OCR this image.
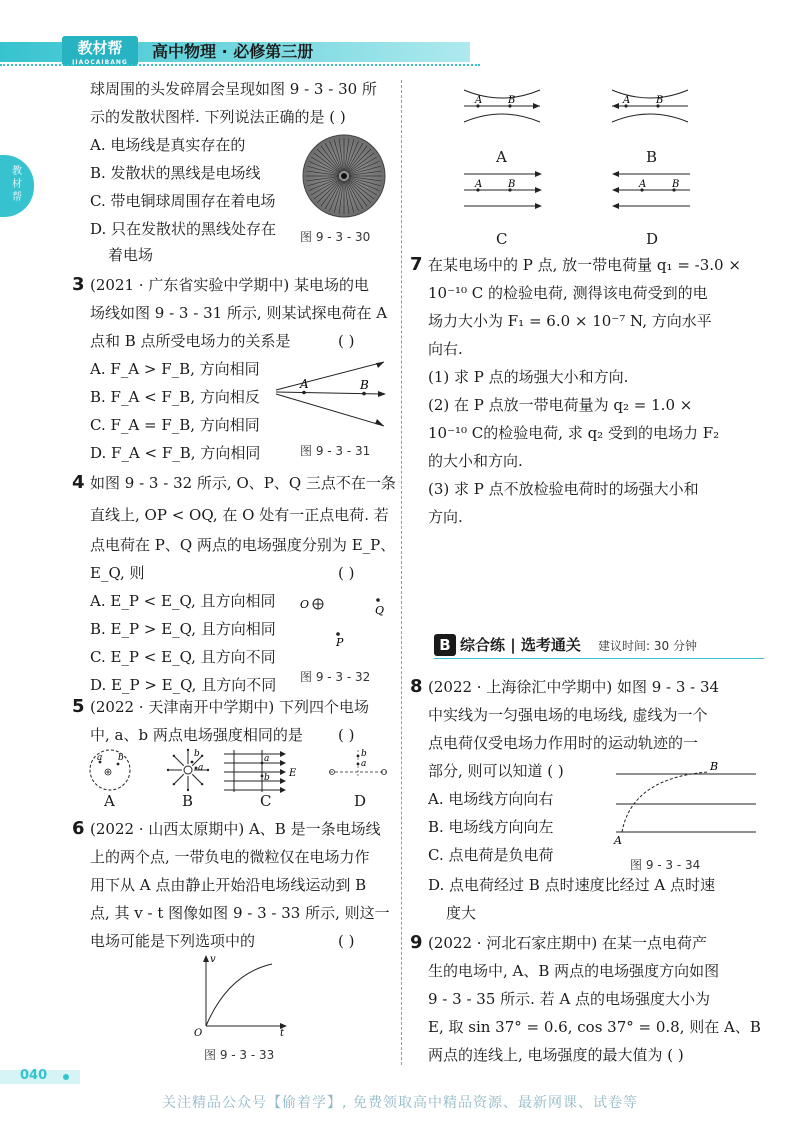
教材帮
JIAOCAIBANG
高中物理 · 必修第三册
教材帮
球周围的头发碎屑会呈现如图 9 - 3 - 30 所
示的发散状图样. 下列说法正确的是 ( )
A. 电场线是真实存在的
B. 发散状的黑线是电场线
C. 带电铜球周围存在着电场
D. 只在发散状的黑线处存在
着电场
图 9 - 3 - 30
3 (2021 · 广东省实验中学期中) 某电场的电
场线如图 9 - 3 - 31 所示, 则某试探电荷在 A
点和 B 点所受电场力的关系是	( )
A. F_A > F_B, 方向相同
B. F_A < F_B, 方向相反
C. F_A = F_B, 方向相同
D. F_A < F_B, 方向相同
A	B
图 9 - 3 - 31
4 如图 9 - 3 - 32 所示, O、P、Q 三点不在一条
直线上, OP < OQ, 在 O 处有一正点电荷. 若
点电荷在 P、Q 两点的电场强度分别为 E_P、
E_Q, 则	( )
A. E_P < E_Q, 且方向相同
B. E_P > E_Q, 且方向相同
C. E_P < E_Q, 且方向不同
D. E_P > E_Q, 且方向不同
O
P
Q
图 9 - 3 - 32
5 (2022 · 天津南开中学期中) 下列四个电场
中, a、b 两点电场强度相同的是 ( )
a b	b
a
a
b E
b
a
A	B	C	D
6 (2022 · 山西太原期中) A、B 是一条电场线
上的两个点, 一带负电的微粒仅在电场力作
用下从 A 点由静止开始沿电场线运动到 B
点, 其 v - t 图像如图 9 - 3 - 33 所示, 则这一
电场可能是下列选项中的	( )
v
t
O
图 9 - 3 - 33
A	B	A	B
A	B	A	B
A	B
C	D
7 在某电场中的 P 点, 放一带电荷量 q₁ = -3.0 ×
10⁻¹⁰ C 的检验电荷, 测得该电荷受到的电
场力大小为 F₁ = 6.0 × 10⁻⁷ N, 方向水平
向右.
(1) 求 P 点的场强大小和方向.
(2) 在 P 点放一带电荷量为 q₂ = 1.0 ×
10⁻¹⁰ C的检验电荷, 求 q₂ 受到的电场力 F₂
的大小和方向.
(3) 求 P 点不放检验电荷时的场强大小和
方向.
B 综合练 | 选考通关 建议时间: 30 分钟
8 (2022 · 上海徐汇中学期中) 如图 9 - 3 - 34
中实线为一匀强电场的电场线, 虚线为一个
点电荷仅受电场力作用时的运动轨迹的一
部分, 则可以知道 ( )
A. 电场线方向向右
B. 电场线方向向左
C. 点电荷是负电荷
D. 点电荷经过 B 点时速度比经过 A 点时速
度大
B
A
图 9 - 3 - 34
9 (2022 · 河北石家庄期中) 在某一点电荷产
生的电场中, A、B 两点的电场强度方向如图
9 - 3 - 35 所示. 若 A 点的电场强度大小为
E, 取 sin 37° = 0.6, cos 37° = 0.8, 则在 A、B
两点的连线上, 电场强度的最大值为 ( )
040
关注精品公众号【偷着学】, 免费领取高中精品资源、最新网课、试卷等
